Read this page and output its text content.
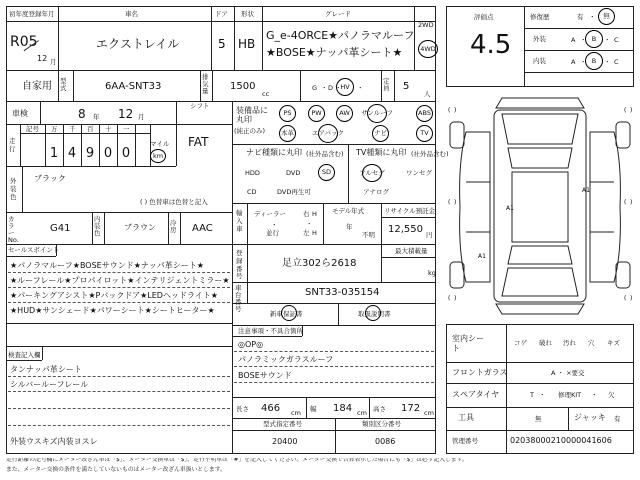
初年度登録年月
R05
12 月
車名
エクストレイル
ドア
5
形状
HB
グレード
G_e-4ORCE★パノラマルーフ
★BOSE★ナッパ革シート★
2WD
4WD
自家用 型式	6AA-SNT33
排気量 1500
cc
G ・ D ・
HV ・
定員 5
人
車検	8 年 12 月
シフト
FAT
走行
記号 万 千 百 十 一
1 4 9 0 0
マイル
km
外装色
ブラック
( ) 色替車は色替と記入
カラーNo.
G41
内装色
ブラウン 冷房 AAC
セールスポイント
★パノラマルーフ★BOSEサウンド★ナッパ革シート★
★ルーフレール★プロパイロット★インテリジェントミラー★
★パーキングアシスト★Pバックドア★LEDヘッドライト★
★HUD★サンシェード★パワーシート★シートヒーター★
検査記入欄
タンナッパ革シート
シルバールーフレール
外装ウスキズ内装ヨスレ
装備品に丸印
(純正のみ)
PS	PW	AW サンルーフ	ABS
本革	エアバック	ナビ	TV
ナビ種類に丸印 (社外品含む)
HDD	DVD	SD
CD	DVD再生可
TV種類に丸印 (社外品含む)
フルセグ	ワンセグ
アナログ
輸入車
ディーラー
・
並行
右 H
・
左 H
モデル年式
年
不明
リサイクル預託金
12,550 円
登録番号
足立302ら2618
最大積載量
kg
車台番号
SNT33-035154
新車保証書	取扱説明書
注意事項・不具合箇所
◎OP◎
パノラミックガラスルーフ
BOSEサウンド
長さ 466 cm 幅 184 cm 高さ 172 cm
型式指定番号
20400
類別区分番号
0086
評価点
4.5
修復歴	有 ・ 無
外装	A ・ B ・ C
内装	A ・ B ・ C
( )	( )
( )	( )
( )	( )
A1
A1
A1
室内シート
コゲ 破れ 汚れ 穴 キズ
フロントガラス	A ・ ×要交
スペアタイヤ	T ・ 修理KIT ・ 欠
工具	無	ジャッキ 有
管理番号	02038000210000041606
走行距離の記号欄にメーター改ざん車は「$」、メーター交換車は「$」、走行不明車は「#」を記入してください。メーター交換で合算表示した場合にも「$」は必ず記入します。
また、メーター交換の条件を満たしていないものはメーター改ざん車扱いとします。
